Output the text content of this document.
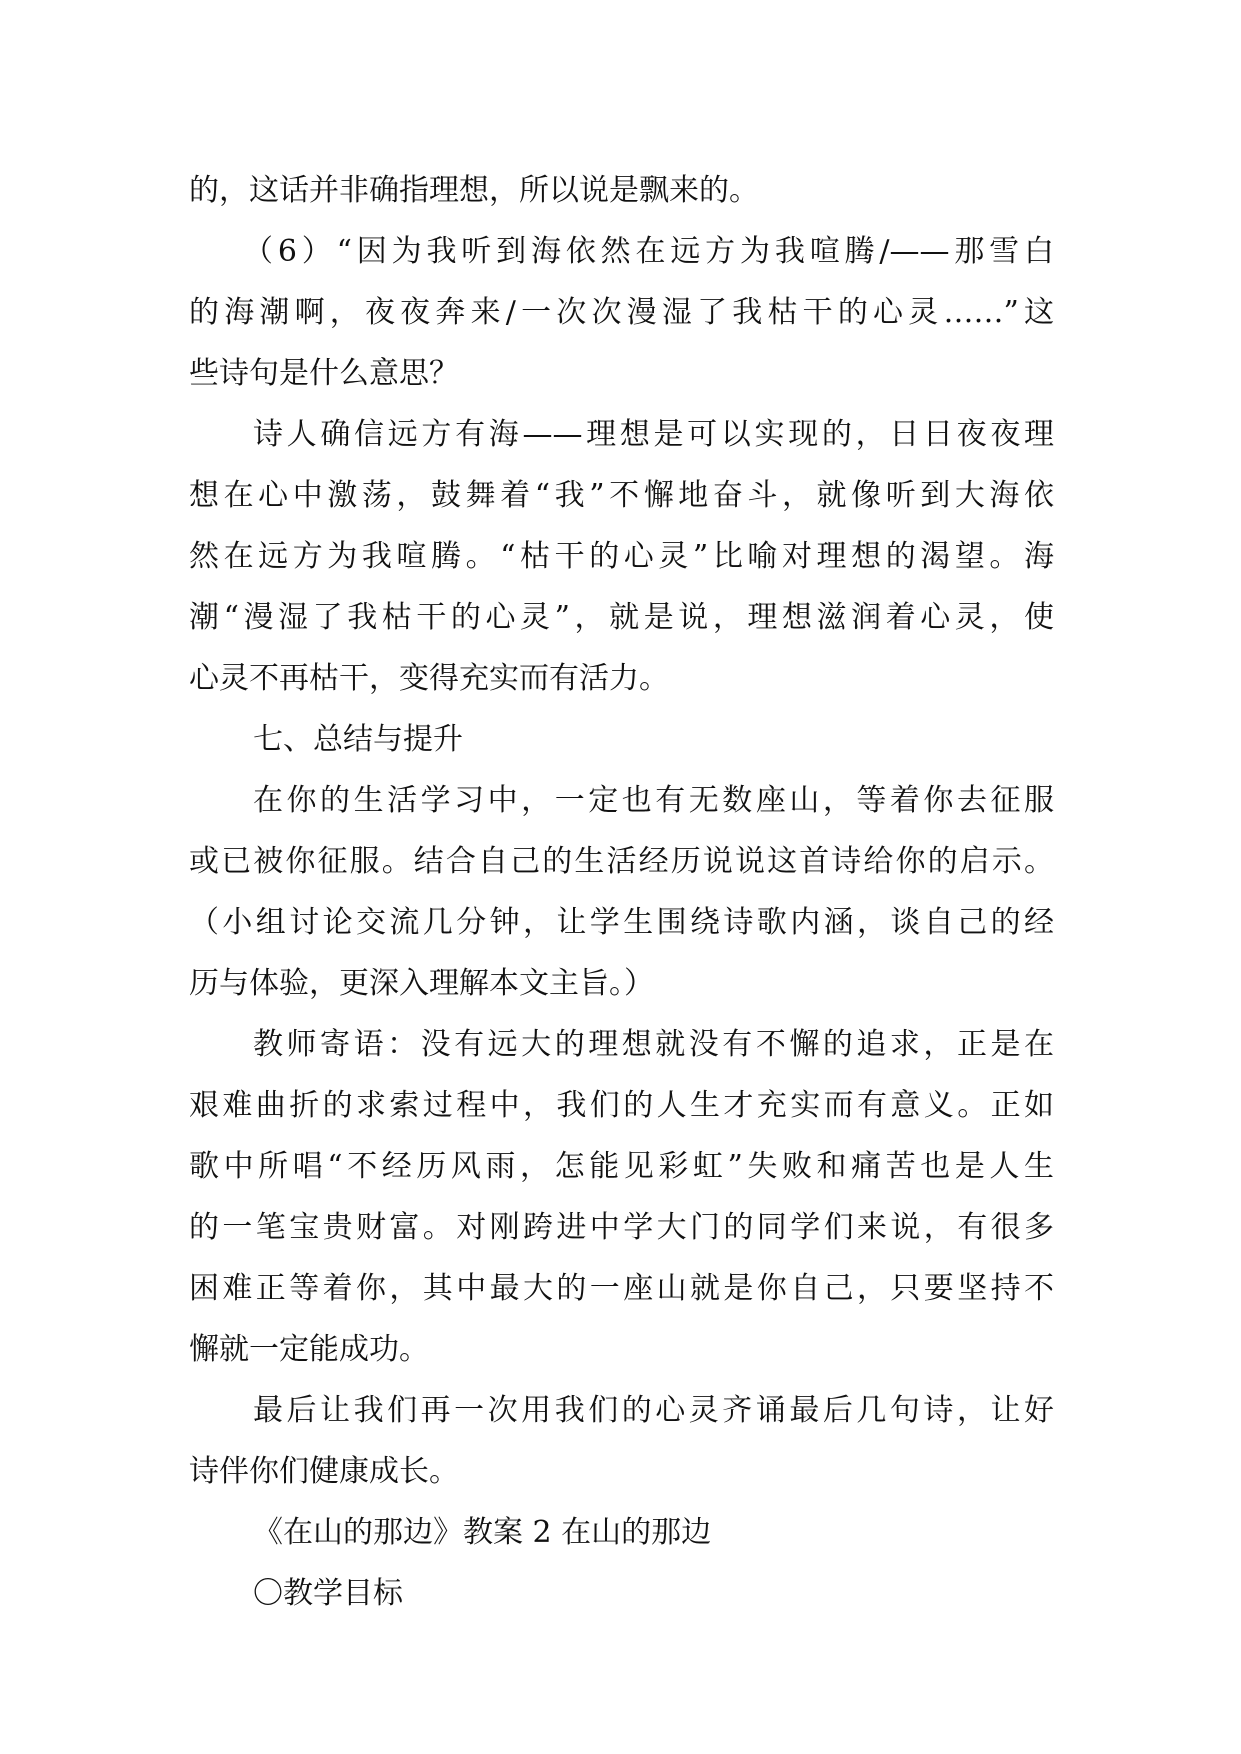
的，这话并非确指理想，所以说是飘来的。
（6）“因为我听到海依然在远方为我喧腾/——那雪白
的海潮啊，夜夜奔来/一次次漫湿了我枯干的心灵……”这
些诗句是什么意思？
诗人确信远方有海——理想是可以实现的，日日夜夜理
想在心中激荡，鼓舞着“我”不懈地奋斗，就像听到大海依
然在远方为我喧腾。“枯干的心灵”比喻对理想的渴望。海
潮“漫湿了我枯干的心灵”，就是说，理想滋润着心灵，使
心灵不再枯干，变得充实而有活力。
七、总结与提升
在你的生活学习中，一定也有无数座山，等着你去征服
或已被你征服。结合自己的生活经历说说这首诗给你的启示。
（小组讨论交流几分钟，让学生围绕诗歌内涵，谈自己的经
历与体验，更深入理解本文主旨。）
教师寄语：没有远大的理想就没有不懈的追求，正是在
艰难曲折的求索过程中，我们的人生才充实而有意义。正如
歌中所唱“不经历风雨，怎能见彩虹”失败和痛苦也是人生
的一笔宝贵财富。对刚跨进中学大门的同学们来说，有很多
困难正等着你，其中最大的一座山就是你自己，只要坚持不
懈就一定能成功。
最后让我们再一次用我们的心灵齐诵最后几句诗，让好
诗伴你们健康成长。
《在山的那边》教案 2 在山的那边
〇教学目标
